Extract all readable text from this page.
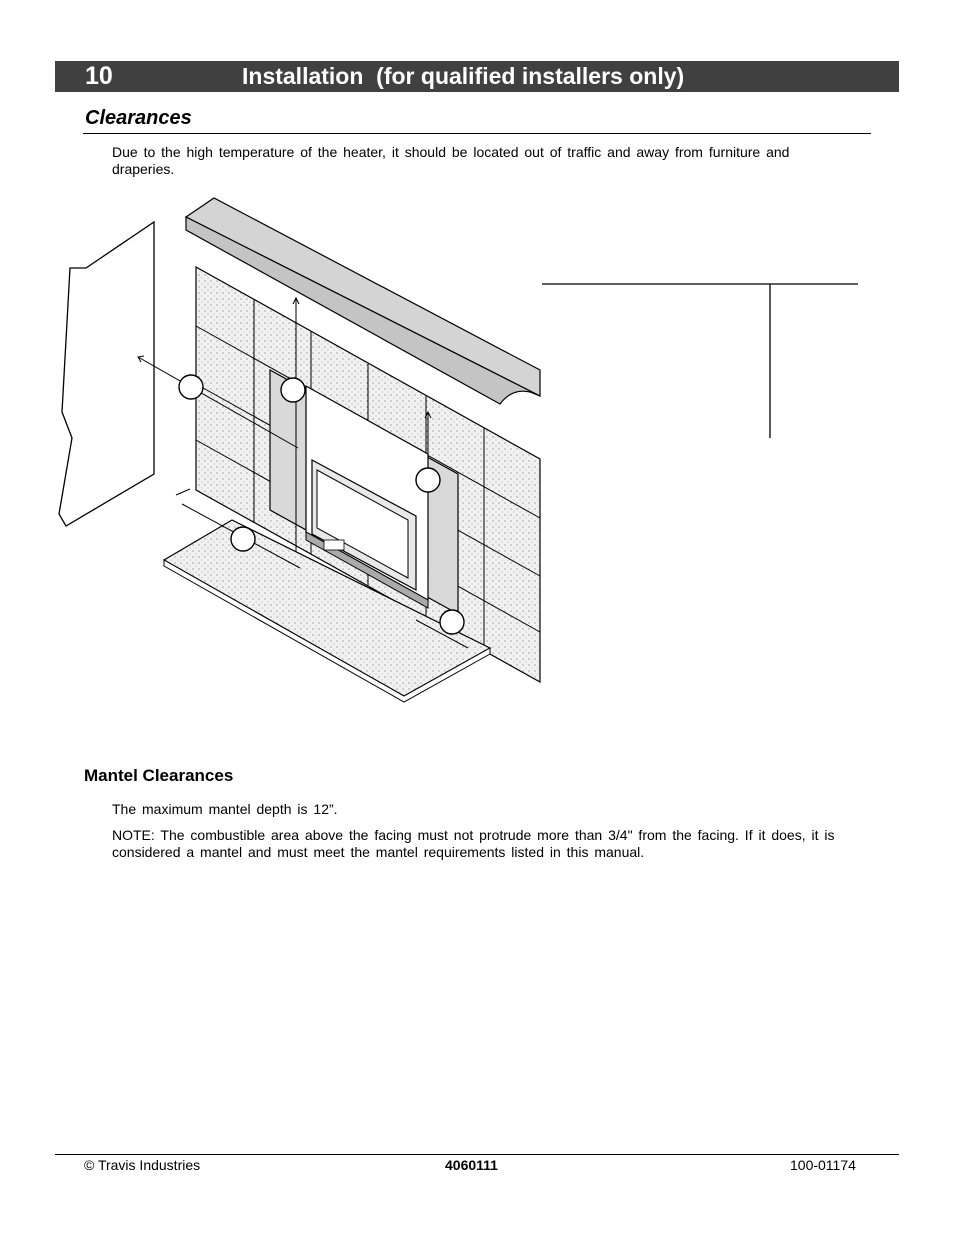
10	Installation  (for qualified installers only)
Clearances
Due to the high temperature of the heater, it should be located out of traffic and away from furniture and draperies.
Mantel Clearances
The maximum mantel depth is 12”.
NOTE: The combustible area above the facing must not protrude more than 3/4" from the facing. If it does, it is considered a mantel and must meet the mantel requirements listed in this manual.
© Travis Industries	4060111	100-01174
